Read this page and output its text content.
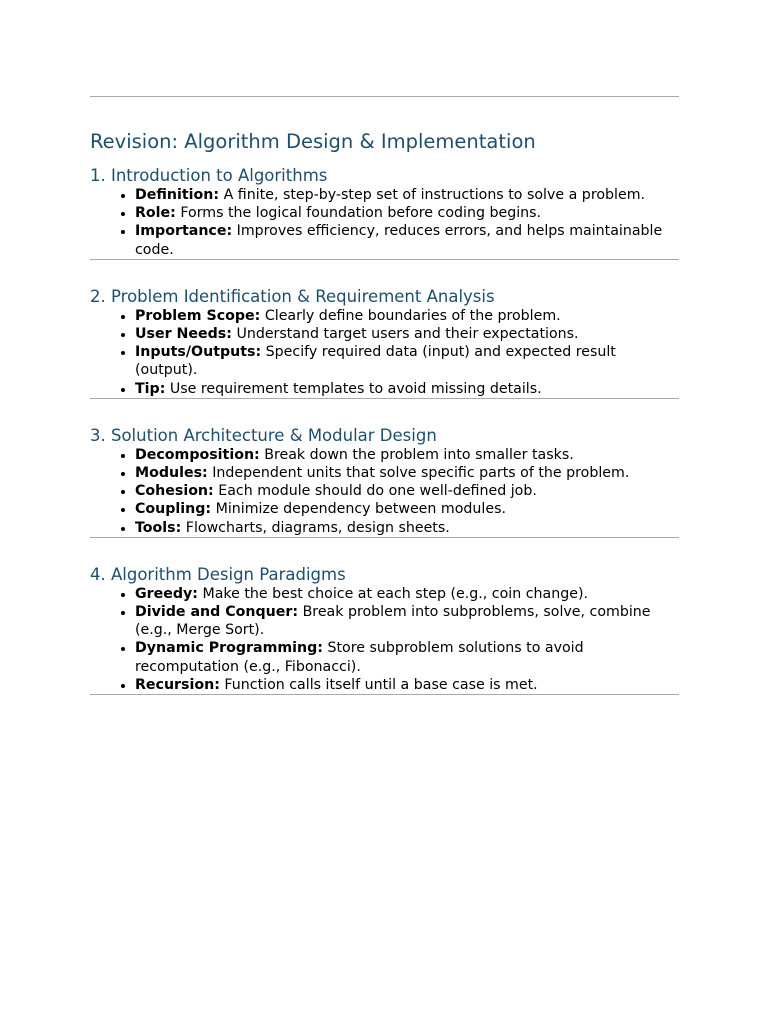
Revision: Algorithm Design & Implementation
1. Introduction to Algorithms
• Definition: A finite, step-by-step set of instructions to solve a problem.
• Role: Forms the logical foundation before coding begins.
• Importance: Improves efficiency, reduces errors, and helps maintainable code.
2. Problem Identification & Requirement Analysis
• Problem Scope: Clearly define boundaries of the problem.
• User Needs: Understand target users and their expectations.
• Inputs/Outputs: Specify required data (input) and expected result (output).
• Tip: Use requirement templates to avoid missing details.
3. Solution Architecture & Modular Design
• Decomposition: Break down the problem into smaller tasks.
• Modules: Independent units that solve specific parts of the problem.
• Cohesion: Each module should do one well-defined job.
• Coupling: Minimize dependency between modules.
• Tools: Flowcharts, diagrams, design sheets.
4. Algorithm Design Paradigms
• Greedy: Make the best choice at each step (e.g., coin change).
• Divide and Conquer: Break problem into subproblems, solve, combine (e.g., Merge Sort).
• Dynamic Programming: Store subproblem solutions to avoid recomputation (e.g., Fibonacci).
• Recursion: Function calls itself until a base case is met.
